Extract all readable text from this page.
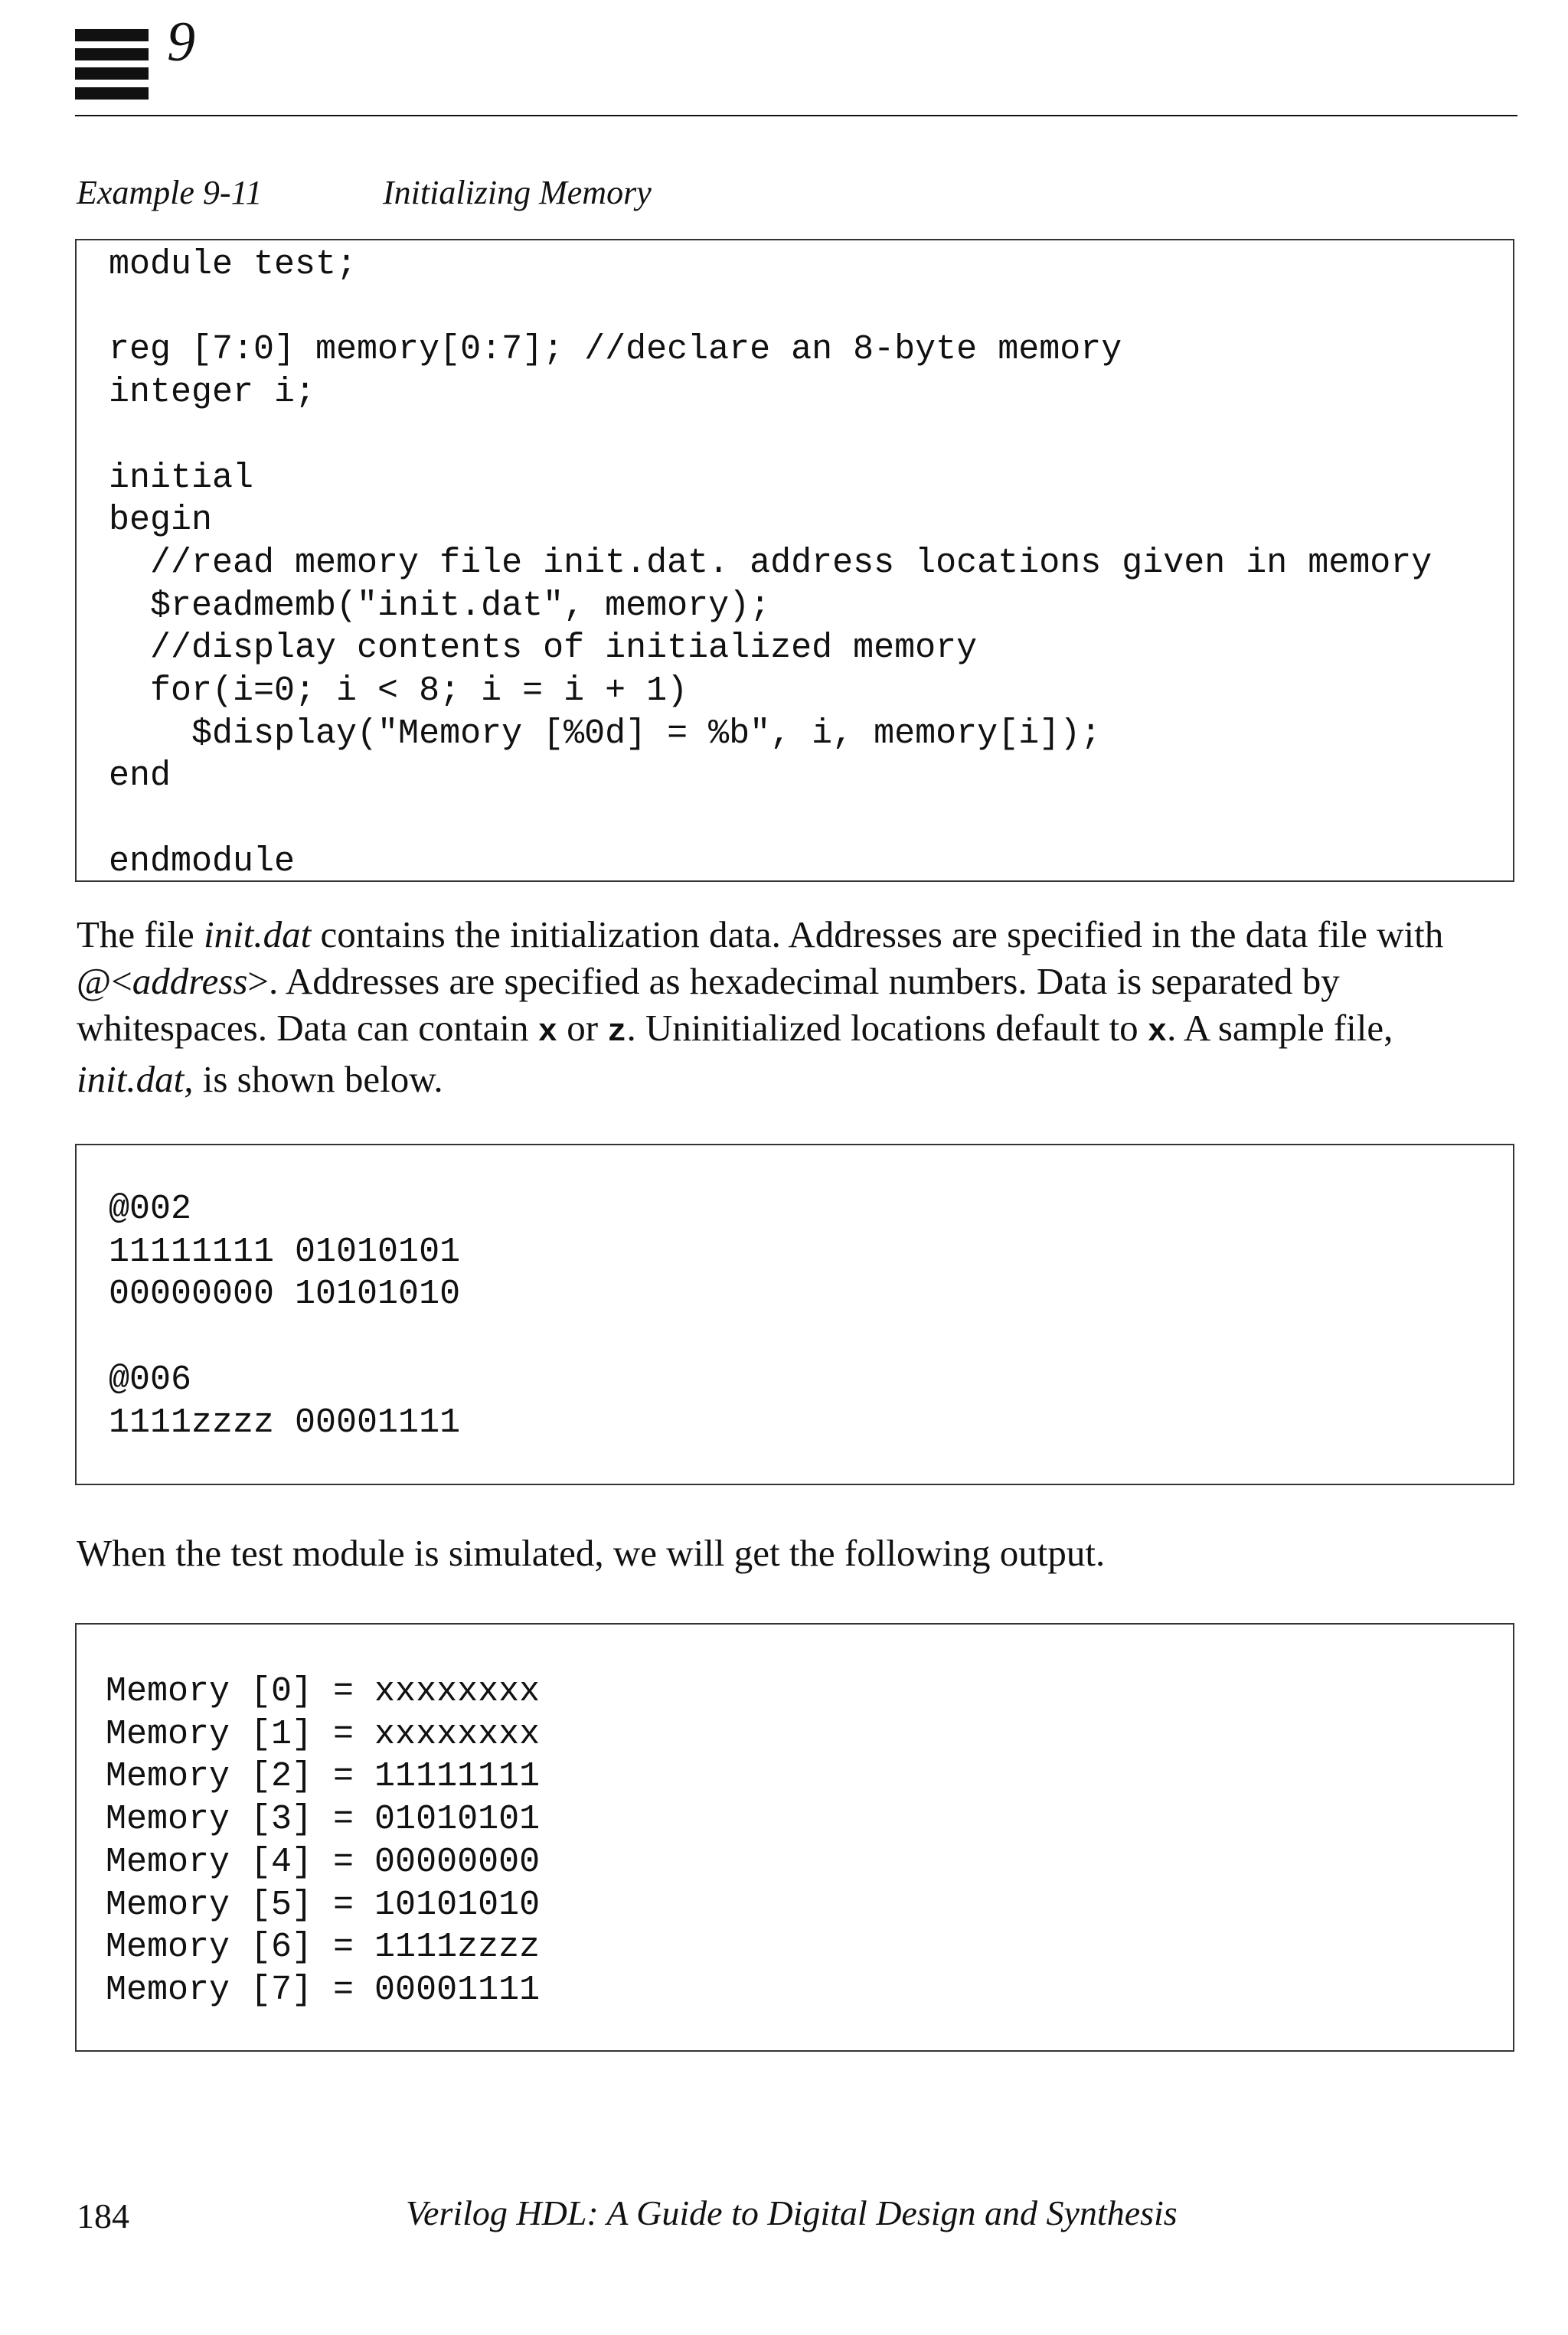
9
Example 9-11	Initializing Memory
module test;

reg [7:0] memory[0:7]; //declare an 8-byte memory
integer i;

initial
begin
//read memory file init.dat. address locations given in memory
$readmemb("init.dat", memory);
//display contents of initialized memory
for(i=0; i < 8; i = i + 1)
$display("Memory [%0d] = %b", i, memory[i]);
end

endmodule

The file init.dat contains the initialization data. Addresses are specified in the data file with @<address>. Addresses are specified as hexadecimal numbers. Data is separated by whitespaces. Data can contain x or z. Uninitialized locations default to x. A sample file, init.dat, is shown below.

@002
11111111 01010101
00000000 10101010

@006
1111zzzz 00001111

When the test module is simulated, we will get the following output.

Memory [0] = xxxxxxxx
Memory [1] = xxxxxxxx
Memory [2] = 11111111
Memory [3] = 01010101
Memory [4] = 00000000
Memory [5] = 10101010
Memory [6] = 1111zzzz
Memory [7] = 00001111
184	Verilog HDL: A Guide to Digital Design and Synthesis
